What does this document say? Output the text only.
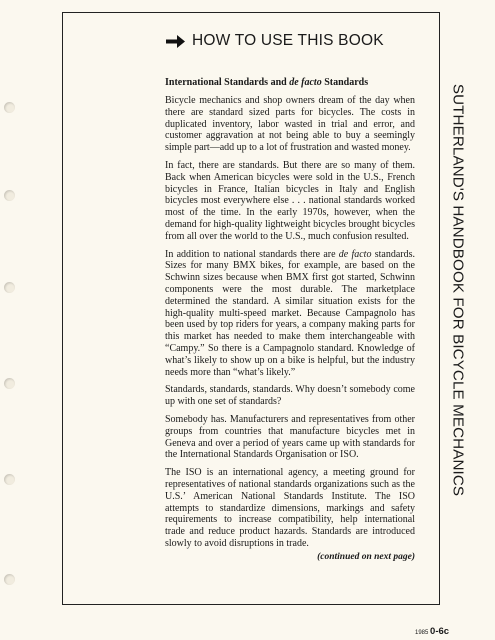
HOW TO USE THIS BOOK
International Standards and de facto Standards

Bicycle mechanics and shop owners dream of the day when there are standard sized parts for bicycles. The costs in duplicated inventory, labor wasted in trial and error, and customer aggravation at not being able to buy a seemingly simple part—add up to a lot of frustration and wasted money.

In fact, there are standards. But there are so many of them. Back when American bicycles were sold in the U.S., French bicycles in France, Italian bicycles in Italy and English bicycles most everywhere else . . . national standards worked most of the time. In the early 1970s, however, when the demand for high-quality lightweight bicycles brought bicycles from all over the world to the U.S., much confusion resulted.

In addition to national standards there are de facto standards. Sizes for many BMX bikes, for example, are based on the Schwinn sizes because when BMX first got started, Schwinn components were the most durable. The marketplace determined the standard. A similar situation exists for the high-quality multi-speed market. Because Campagnolo has been used by top riders for years, a company making parts for this market has needed to make them interchangeable with “Campy.” So there is a Campagnolo standard. Knowledge of what’s likely to show up on a bike is helpful, but the industry needs more than “what’s likely.”

Standards, standards, standards. Why doesn’t somebody come up with one set of standards?

Somebody has. Manufacturers and representatives from other groups from countries that manufacture bicycles met in Geneva and over a period of years came up with standards for the International Standards Organisation or ISO.

The ISO is an international agency, a meeting ground for representatives of national standards organizations such as the U.S.’ American National Standards Institute. The ISO attempts to standardize dimensions, markings and safety requirements to increase compatibility, help international trade and reduce product hazards. Standards are introduced slowly to avoid disruptions in trade.

(continued on next page)
SUTHERLAND'S HANDBOOK FOR BICYCLE MECHANICS
1985 0-6c
